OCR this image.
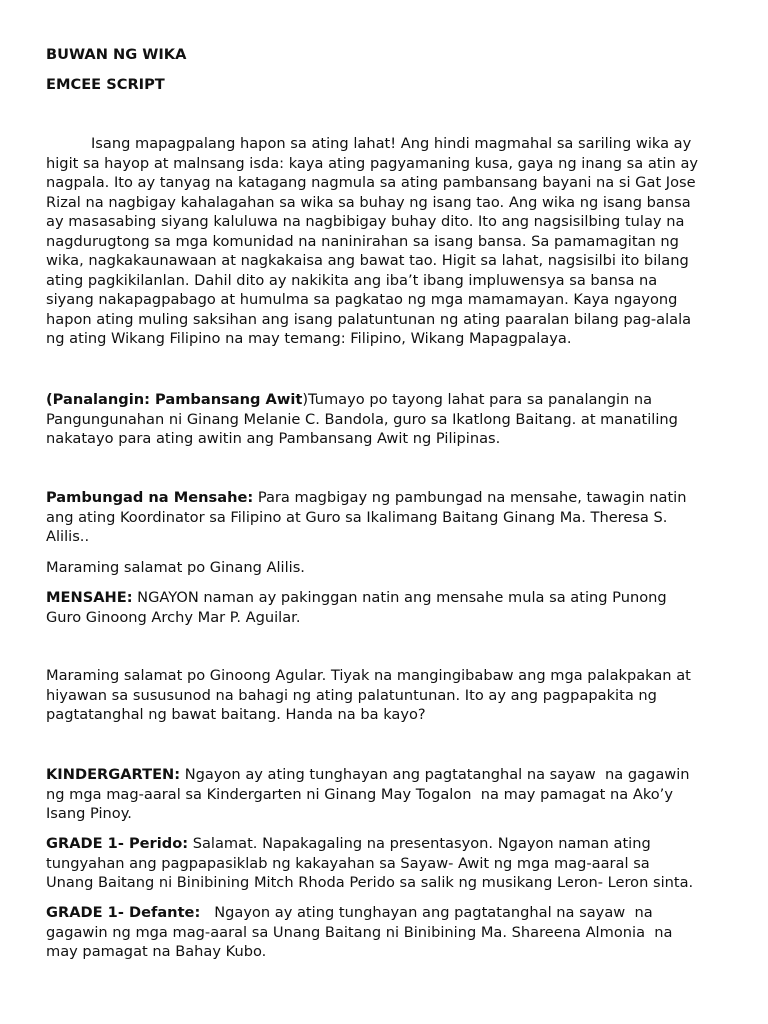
BUWAN NG WIKA

EMCEE SCRIPT

Isang mapagpalang hapon sa ating lahat! Ang hindi magmahal sa sariling wika ay
higit sa hayop at malnsang isda: kaya ating pagyamaning kusa, gaya ng inang sa atin ay
nagpala. Ito ay tanyag na katagang nagmula sa ating pambansang bayani na si Gat Jose
Rizal na nagbigay kahalagahan sa wika sa buhay ng isang tao. Ang wika ng isang bansa
ay masasabing siyang kaluluwa na nagbibigay buhay dito. Ito ang nagsisilbing tulay na
nagdurugtong sa mga komunidad na naninirahan sa isang bansa. Sa pamamagitan ng
wika, nagkakaunawaan at nagkakaisa ang bawat tao. Higit sa lahat, nagsisilbi ito bilang
ating pagkikilanlan. Dahil dito ay nakikita ang iba’t ibang impluwensya sa bansa na
siyang nakapagpabago at humulma sa pagkatao ng mga mamamayan. Kaya ngayong
hapon ating muling saksihan ang isang palatuntunan ng ating paaralan bilang pag-alala
ng ating Wikang Filipino na may temang: Filipino, Wikang Mapagpalaya.
(Panalangin: Pambansang Awit)Tumayo po tayong lahat para sa panalangin na
Pangungunahan ni Ginang Melanie C. Bandola, guro sa Ikatlong Baitang. at manatiling
nakatayo para ating awitin ang Pambansang Awit ng Pilipinas.
Pambungad na Mensahe: Para magbigay ng pambungad na mensahe, tawagin natin
ang ating Koordinator sa Filipino at Guro sa Ikalimang Baitang Ginang Ma. Theresa S.
Alilis..
Maraming salamat po Ginang Alilis.
MENSAHE: NGAYON naman ay pakinggan natin ang mensahe mula sa ating Punong
Guro Ginoong Archy Mar P. Aguilar.
Maraming salamat po Ginoong Agular. Tiyak na mangingibabaw ang mga palakpakan at
hiyawan sa sususunod na bahagi ng ating palatuntunan. Ito ay ang pagpapakita ng
pagtatanghal ng bawat baitang. Handa na ba kayo?
KINDERGARTEN: Ngayon ay ating tunghayan ang pagtatanghal na sayaw  na gagawin
ng mga mag-aaral sa Kindergarten ni Ginang May Togalon  na may pamagat na Ako’y
Isang Pinoy.
GRADE 1- Perido: Salamat. Napakagaling na presentasyon. Ngayon naman ating
tungyahan ang pagpapasiklab ng kakayahan sa Sayaw- Awit ng mga mag-aaral sa
Unang Baitang ni Binibining Mitch Rhoda Perido sa salik ng musikang Leron- Leron sinta.
GRADE 1- Defante:   Ngayon ay ating tunghayan ang pagtatanghal na sayaw  na
gagawin ng mga mag-aaral sa Unang Baitang ni Binibining Ma. Shareena Almonia  na
may pamagat na Bahay Kubo.
